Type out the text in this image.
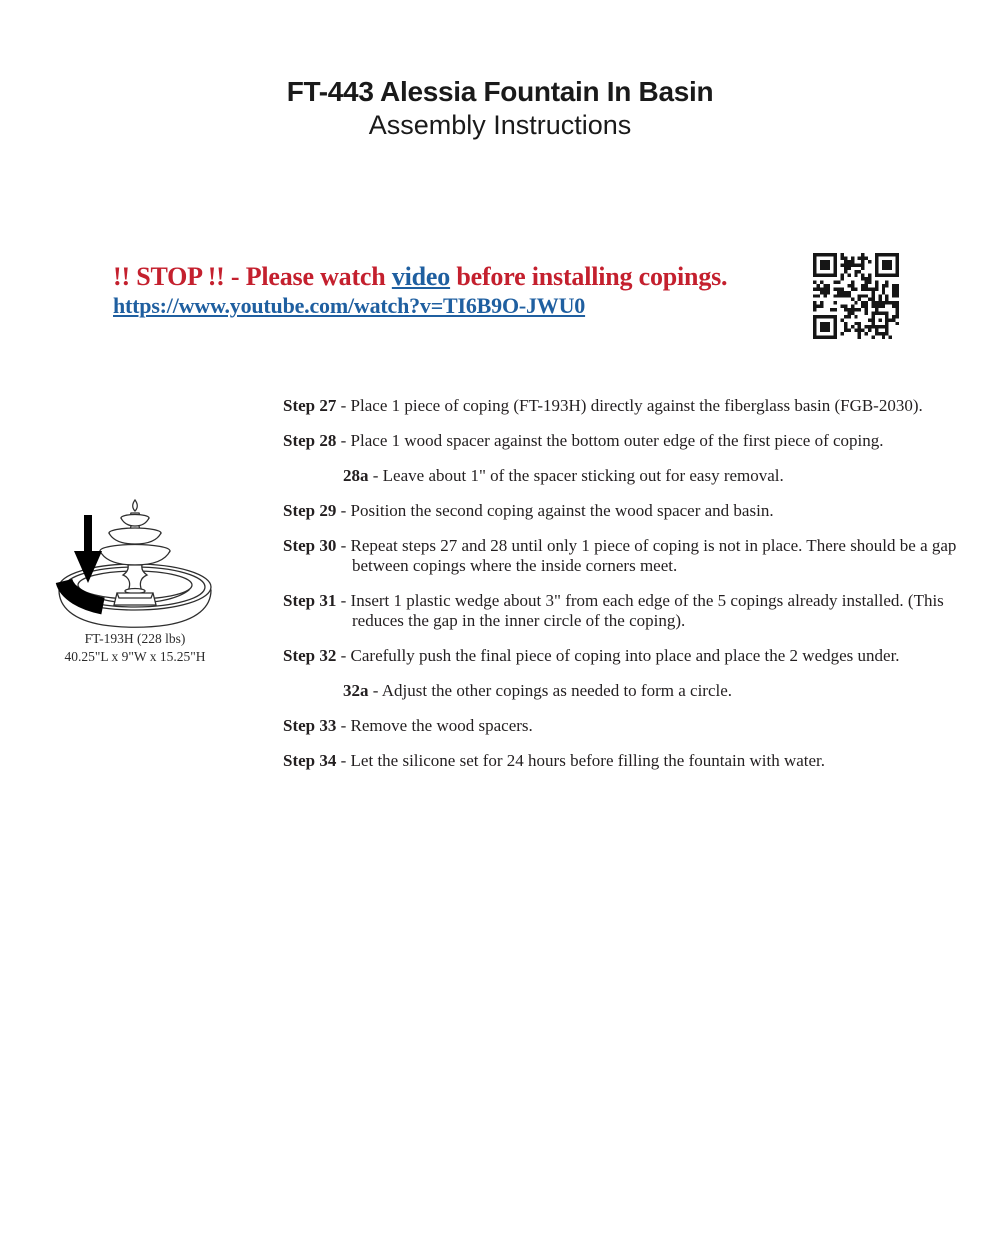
FT-443 Alessia Fountain In Basin
Assembly Instructions
!! STOP !! - Please watch video before installing copings.
https://www.youtube.com/watch?v=TI6B9O-JWU0
FT-193H (228 lbs)
40.25"L x 9"W x 15.25"H
Step 27 - Place 1 piece of coping (FT-193H) directly against the fiberglass basin (FGB-2030).
Step 28 - Place 1 wood spacer against the bottom outer edge of the first piece of coping.
28a - Leave about 1" of the spacer sticking out for easy removal.
Step 29 - Position the second coping against the wood spacer and basin.
Step 30 - Repeat steps 27 and 28 until only 1 piece of coping is not in place. There should be a gap between copings where the inside corners meet.
Step 31 - Insert 1 plastic wedge about 3" from each edge of the 5 copings already installed. (This reduces the gap in the inner circle of the coping).
Step 32 - Carefully push the final piece of coping into place and place the 2 wedges under.
32a - Adjust the other copings as needed to form a circle.
Step 33 - Remove the wood spacers.
Step 34 - Let the silicone set for 24 hours before filling the fountain with water.
